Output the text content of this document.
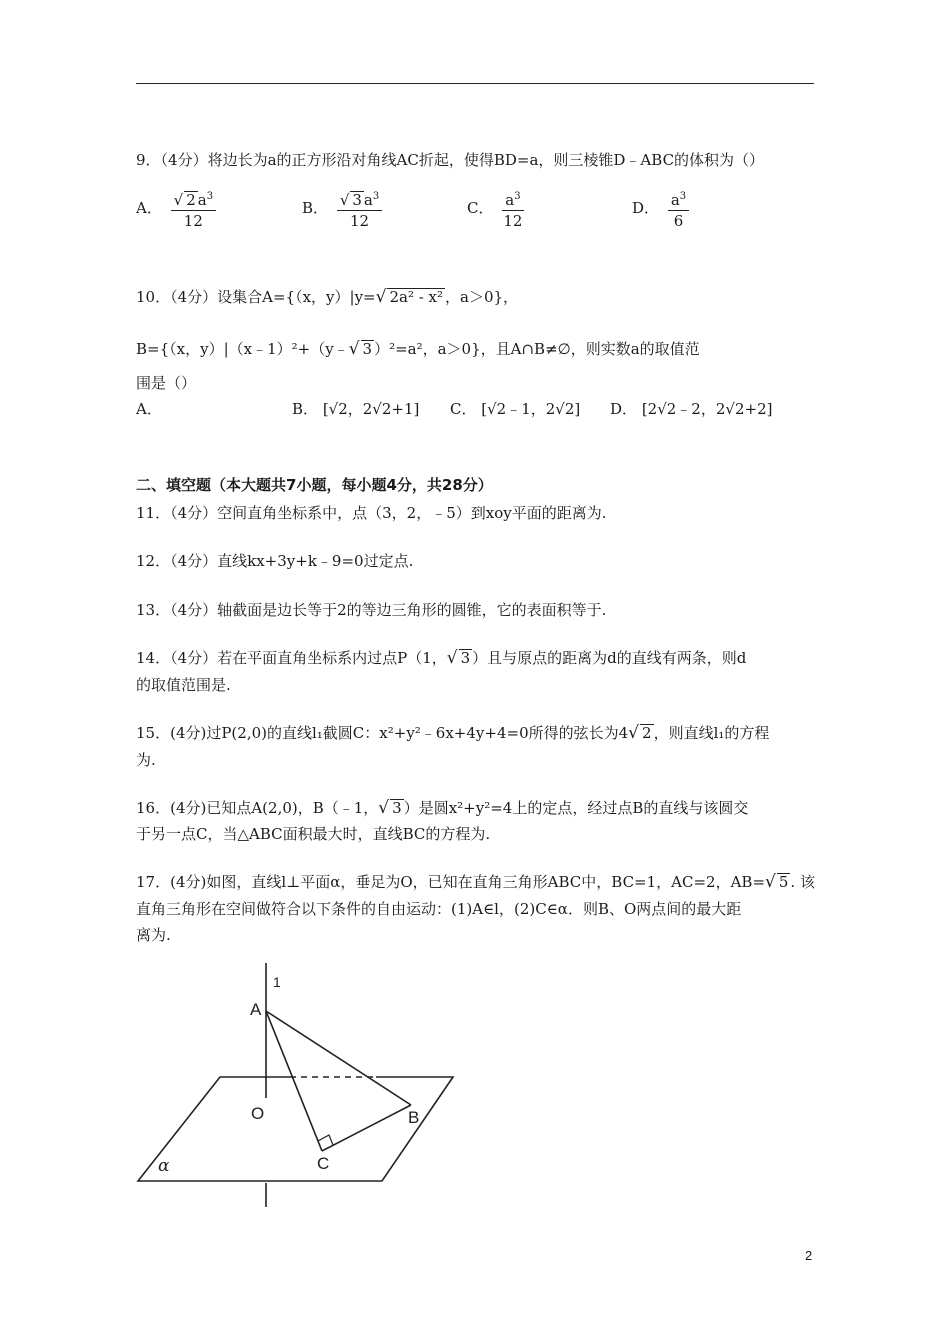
9．（4分）将边长为a的正方形沿对角线AC折起，使得BD=a，则三棱锥D﹣ABC的体积为（）
A． $\frac{√ 2 a^3}{12}$	B． $\frac{√ 3 a^3}{12}$	C． $\frac{a^3}{12}$	D． $\frac{a^3}{6}$
10．（4分）设集合A={（x，y）|y=√ 2a² - x² ，a＞0}，
B={（x，y）|（x﹣1）²+（y﹣√ 3 ）²=a²，a＞0}，且A∩B≠∅，则实数a的取值范
围是（）
A．	B． [√2，2√2+1] C． [√2﹣1，2√2] D． [2√2﹣2，2√2+2]
二、填空题（本大题共7小题，每小题4分，共28分）
11．（4分）空间直角坐标系中，点（3，2，﹣5）到xoy平面的距离为.
12．（4分）直线kx+3y+k﹣9=0过定点.
13．（4分）轴截面是边长等于2的等边三角形的圆锥，它的表面积等于.
14．（4分）若在平面直角坐标系内过点P（1，√ 3 ）且与原点的距离为d的直线有两条，则d
的取值范围是.
15．(4分)过P(2,0)的直线l₁截圆C：x²+y²﹣6x+4y+4=0所得的弦长为4√ 2 ，则直线l₁的方程
为.
16．(4分)已知点A(2,0)，B（﹣1，√ 3 ）是圆x²+y²=4上的定点，经过点B的直线与该圆交
于另一点C，当△ABC面积最大时，直线BC的方程为.
17．(4分)如图，直线l⊥平面α，垂足为O，已知在直角三角形ABC中，BC=1，AC=2，AB=√ 5 . 该
直角三角形在空间做符合以下条件的自由运动：(1)A∈l，(2)C∈α．则B、O两点间的最大距
离为.
1
A
O	B
C
α
2
